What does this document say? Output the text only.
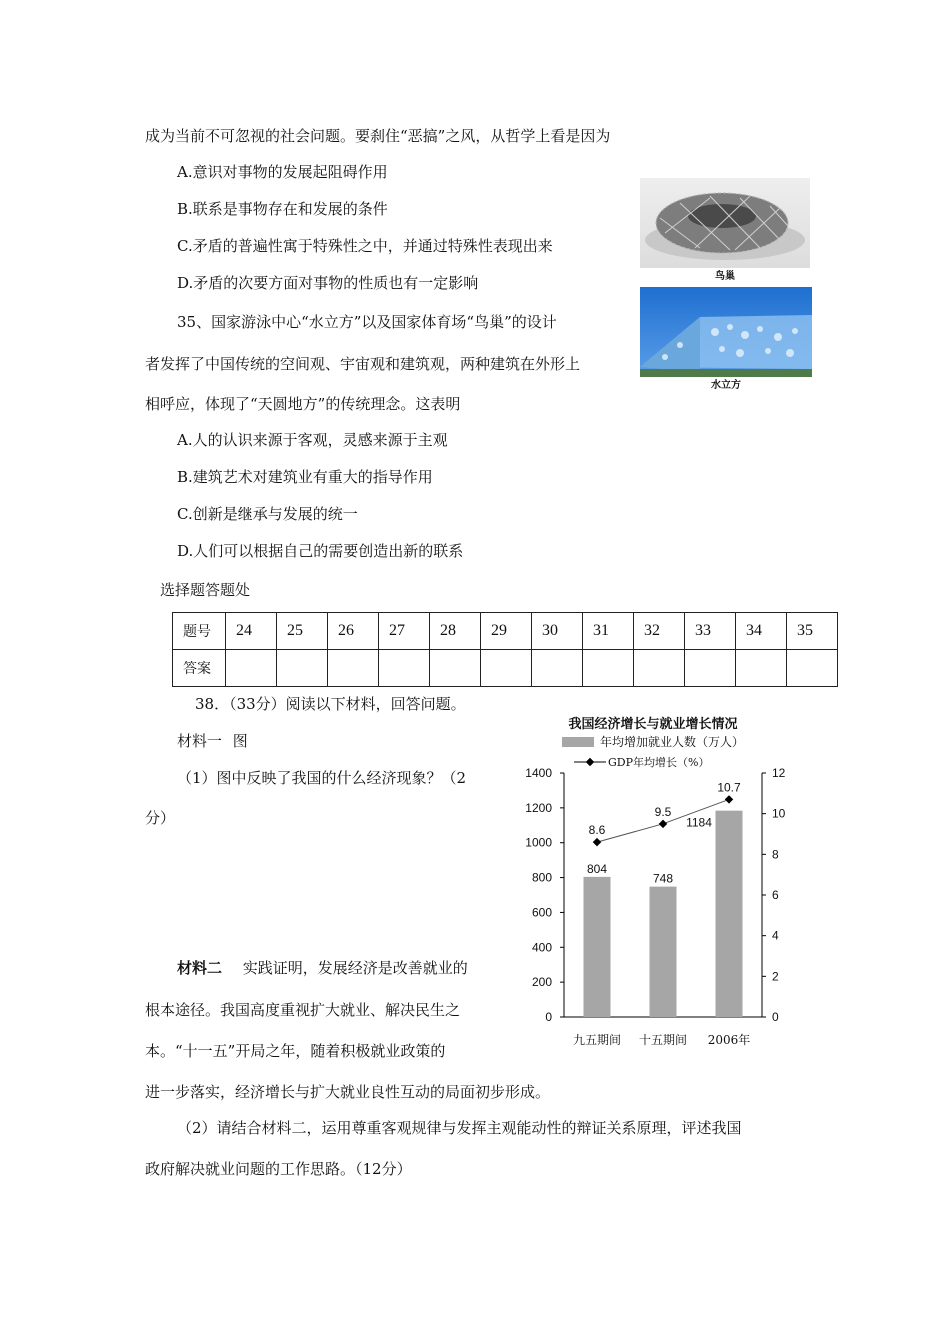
成为当前不可忽视的社会问题。要刹住“恶搞”之风，从哲学上看是因为
A.意识对事物的发展起阻碍作用
B.联系是事物存在和发展的条件
C.矛盾的普遍性寓于特殊性之中，并通过特殊性表现出来
D.矛盾的次要方面对事物的性质也有一定影响	鸟巢
水立方
35、国家游泳中心“水立方”以及国家体育场“鸟巢”的设计
者发挥了中国传统的空间观、宇宙观和建筑观，两种建筑在外形上
相呼应，体现了“天圆地方”的传统理念。这表明
A.人的认识来源于客观，灵感来源于主观
B.建筑艺术对建筑业有重大的指导作用
C.创新是继承与发展的统一
D.人们可以根据自己的需要创造出新的联系
选择题答题处
题号	24	25	26	27	28	29	30	31	32	33	34	35
答案												
38．（33分）阅读以下材料，回答问题。
材料一 图
（1）图中反映了我国的什么经济现象？（2
分）
材料二 实践证明，发展经济是改善就业的
根本途径。我国高度重视扩大就业、解决民生之
本。“十一五”开局之年，随着积极就业政策的
进一步落实，经济增长与扩大就业良性互动的局面初步形成。
（2）请结合材料二，运用尊重客观规律与发挥主观能动性的辩证关系原理，评述我国
政府解决就业问题的工作思路。（12分）
我国经济增长与就业增长情况
年均增加就业人数（万人）
GDP年均增长（%）
0
200
400
600
800
1000
1200
1400
0
2
4
6
8
10
12
804
九五期间
748
十五期间
1184
2006年
8.6
9.5
10.7
